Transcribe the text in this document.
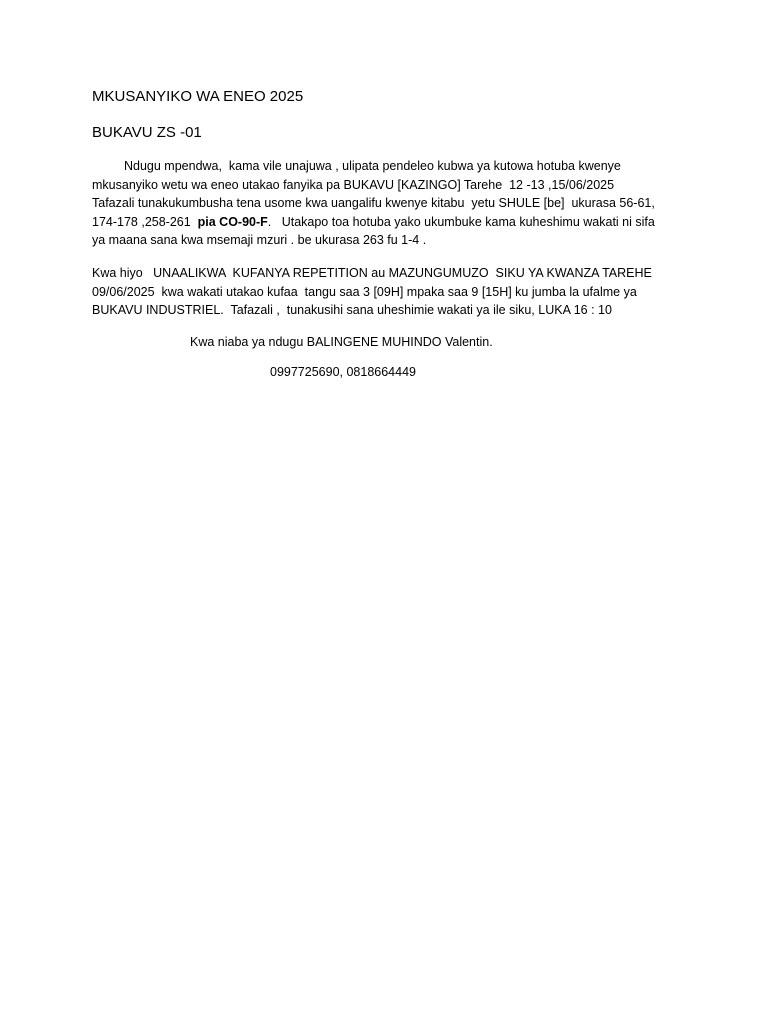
MKUSANYIKO WA ENEO 2025
BUKAVU ZS -01
Ndugu mpendwa,  kama vile unajuwa , ulipata pendeleo kubwa ya kutowa hotuba kwenye
mkusanyiko wetu wa eneo utakao fanyika pa BUKAVU [KAZINGO] Tarehe  12 -13 ,15/06/2025
Tafazali tunakukumbusha tena usome kwa uangalifu kwenye kitabu  yetu SHULE [be]  ukurasa 56-61,
174-178 ,258-261  pia CO-90-F.   Utakapo toa hotuba yako ukumbuke kama kuheshimu wakati ni sifa
ya maana sana kwa msemaji mzuri . be ukurasa 263 fu 1-4 .
Kwa hiyo   UNAALIKWA  KUFANYA REPETITION au MAZUNGUMUZO  SIKU YA KWANZA TAREHE
09/06/2025  kwa wakati utakao kufaa  tangu saa 3 [09H] mpaka saa 9 [15H] ku jumba la ufalme ya
BUKAVU INDUSTRIEL.  Tafazali ,  tunakusihi sana uheshimie wakati ya ile siku, LUKA 16 : 10
Kwa niaba ya ndugu BALINGENE MUHINDO Valentin.
0997725690, 0818664449
